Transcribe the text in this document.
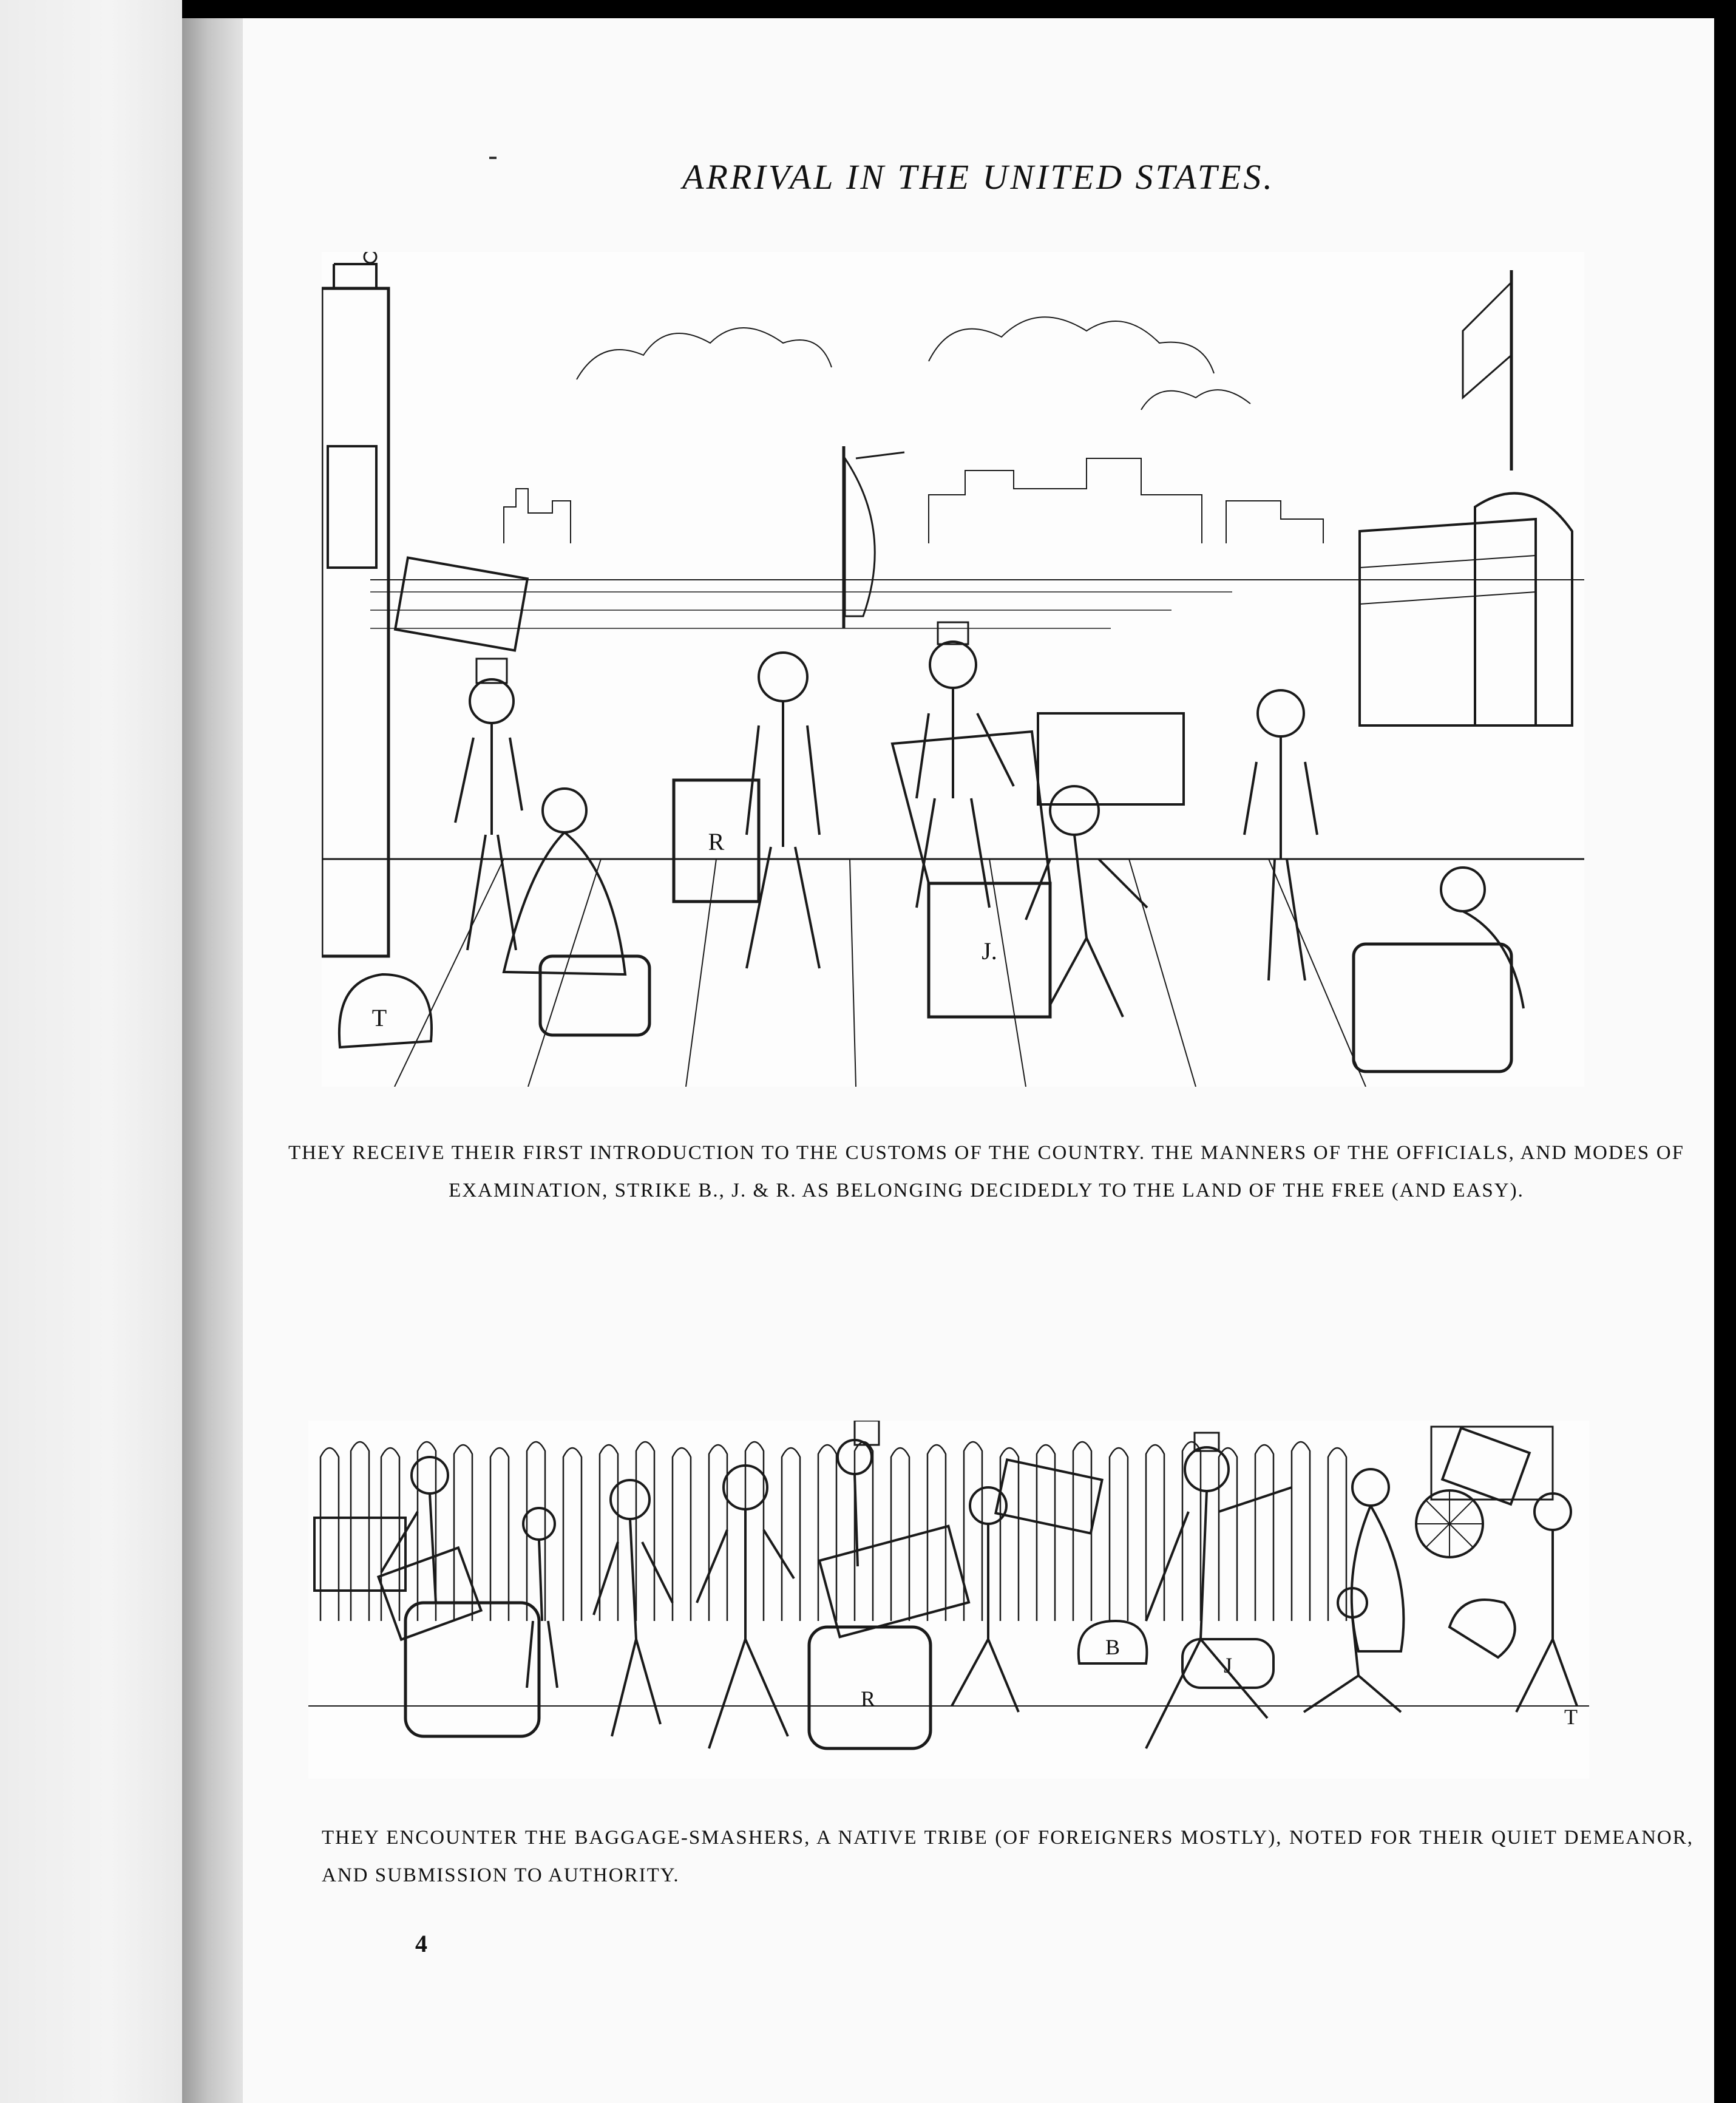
ARRIVAL IN THE UNITED STATES.
R
J.
T
THEY RECEIVE THEIR FIRST INTRODUCTION TO THE CUSTOMS OF THE COUNTRY. THE MANNERS OF THE OFFICIALS, AND MODES OF EXAMINATION, STRIKE B., J. & R. AS BELONGING DECIDEDLY TO THE LAND OF THE FREE (AND EASY).
R
J
B
T
THEY ENCOUNTER THE BAGGAGE-SMASHERS, A NATIVE TRIBE (OF FOREIGNERS MOSTLY), NOTED FOR THEIR QUIET DEMEANOR, AND SUBMISSION TO AUTHORITY.
4
